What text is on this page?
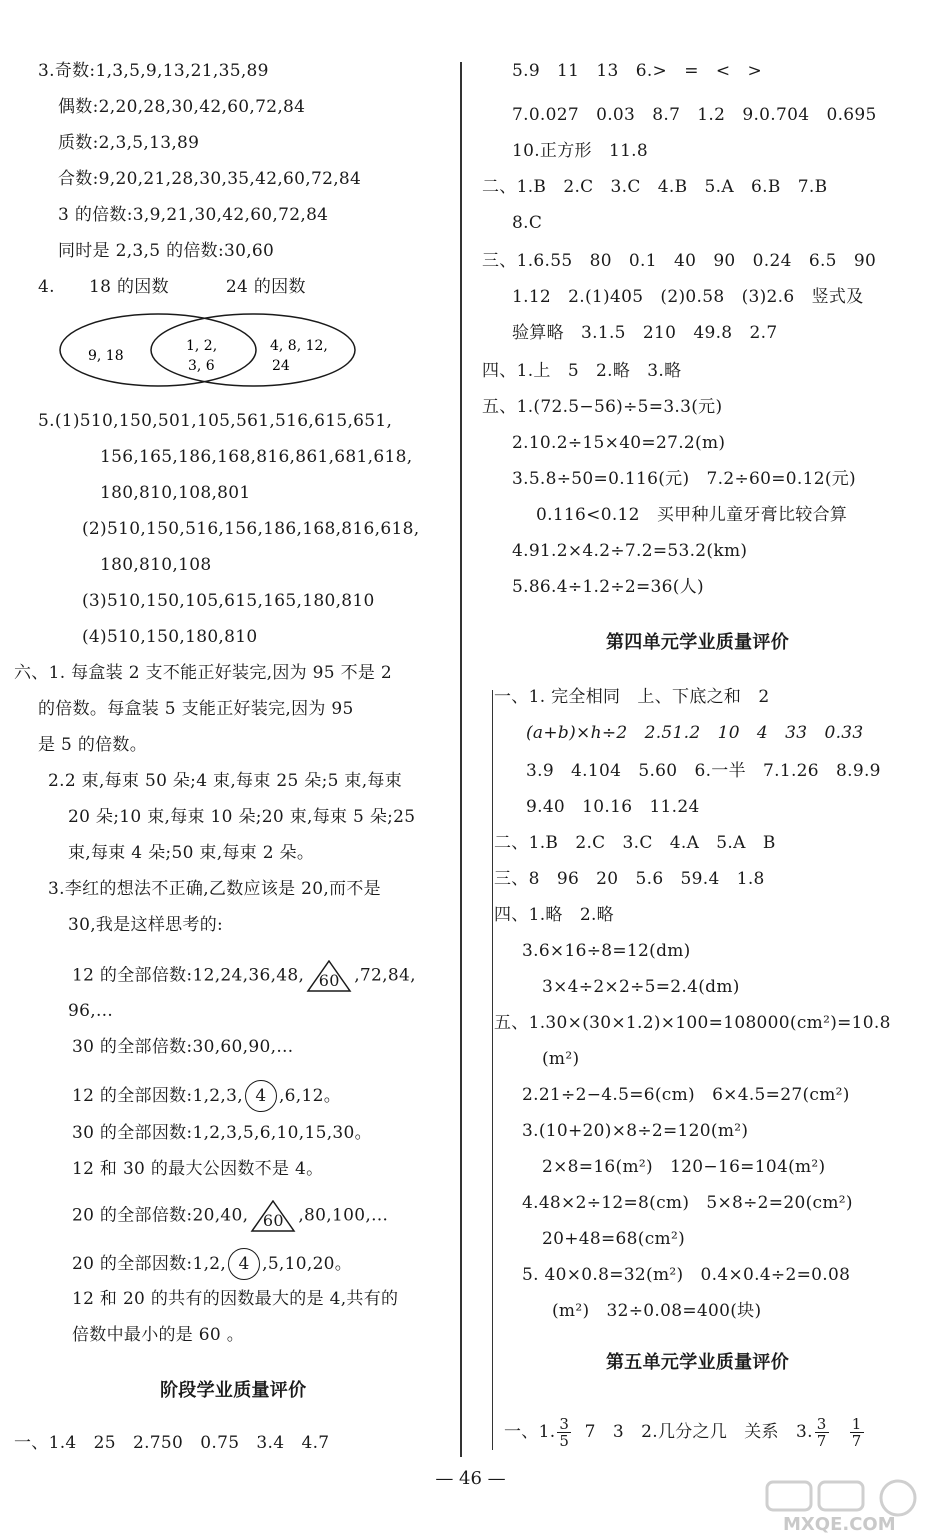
3.奇数:1,3,5,9,13,21,35,89
偶数:2,20,28,30,42,60,72,84
质数:2,3,5,13,89
合数:9,20,21,28,30,35,42,60,72,84
3 的倍数:3,9,21,30,42,60,72,84
同时是 2,3,5 的倍数:30,60
4.      18 的因数          24 的因数
9, 18
1, 2,
3, 6
4, 8, 12,
24
5.(1)510,150,501,105,561,516,615,651,
156,165,186,168,816,861,681,618,
180,810,108,801
(2)510,150,516,156,186,168,816,618,
180,810,108
(3)510,150,105,615,165,180,810
(4)510,150,180,810
六、1. 每盒装 2 支不能正好装完,因为 95 不是 2
的倍数。每盒装 5 支能正好装完,因为 95
是 5 的倍数。
2.2 束,每束 50 朵;4 束,每束 25 朵;5 束,每束
20 朵;10 束,每束 10 朵;20 束,每束 5 朵;25
束,每束 4 朵;50 束,每束 2 朵。
3.李红的想法不正确,乙数应该是 20,而不是
30,我是这样思考的:
12 的全部倍数:12,24,36,48, 60 ,72,84,
96,…
30 的全部倍数:30,60,90,…
12 的全部因数:1,2,3, 4 ,6,12。
30 的全部因数:1,2,3,5,6,10,15,30。
12 和 30 的最大公因数不是 4。
20 的全部倍数:20,40, 60 ,80,100,…
20 的全部因数:1,2, 4 ,5,10,20。
12 和 20 的共有的因数最大的是 4,共有的
倍数中最小的是 60 。
阶段学业质量评价
一、1.4   25   2.750   0.75   3.4   4.7
5.9   11   13   6.>   =   <   >
7.0.027   0.03   8.7   1.2   9.0.704   0.695
10.正方形   11.8
二、1.B   2.C   3.C   4.B   5.A   6.B   7.B
8.C
三、1.6.55   80   0.1   40   90   0.24   6.5   90
1.12   2.(1)405   (2)0.58   (3)2.6   竖式及
验算略   3.1.5   210   49.8   2.7
四、1.上   5   2.略   3.略
五、1.(72.5−56)÷5=3.3(元)
2.10.2÷15×40=27.2(m)
3.5.8÷50=0.116(元)   7.2÷60=0.12(元)
0.116<0.12   买甲种儿童牙膏比较合算
4.91.2×4.2÷7.2=53.2(km)
5.86.4÷1.2÷2=36(人)
第四单元学业质量评价
一、1. 完全相同   上、下底之和   2
(a+b)×h÷2   2.51.2   10   4   33   0.33
3.9   4.104   5.60   6.一半   7.1.26   8.9.9
9.40   10.16   11.24
二、1.B   2.C   3.C   4.A   5.A   B
三、8   96   20   5.6   59.4   1.8
四、1.略   2.略
3.6×16÷8=12(dm)
3×4÷2×2÷5=2.4(dm)
五、1.30×(30×1.2)×100=108000(cm²)=10.8
(m²)
2.21÷2−4.5=6(cm)   6×4.5=27(cm²)
3.(10+20)×8÷2=120(m²)
2×8=16(m²)   120−16=104(m²)
4.48×2÷12=8(cm)   5×8÷2=20(cm²)
20+48=68(cm²)
5. 40×0.8=32(m²)   0.4×0.4÷2=0.08
(m²)   32÷0.08=400(块)
第五单元学业质量评价
一、1. $\frac{3}{5} 7$   3   2.几分之几   关系   3. $\frac{3}{7}$
$\frac{1}{7}$
— 46 —
MXQE.COM
